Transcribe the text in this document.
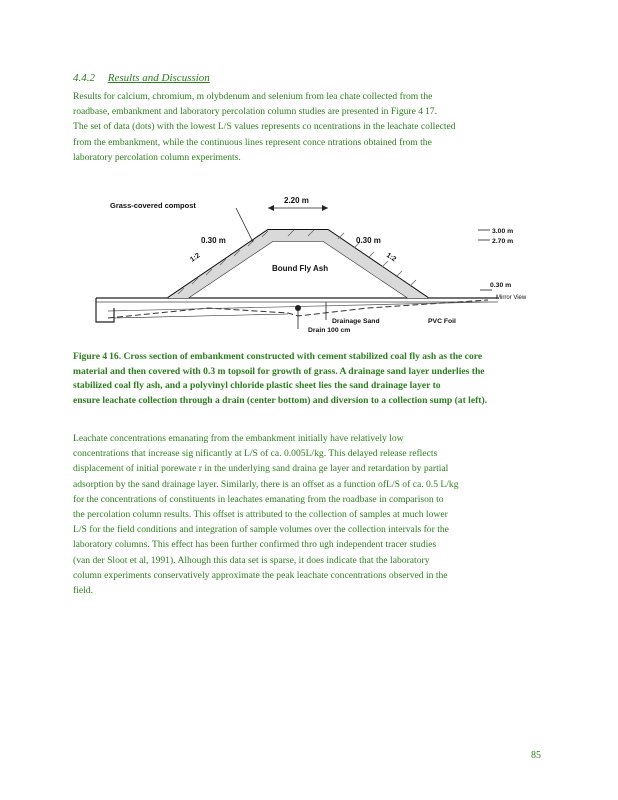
4.4.2 Results and Discussion
Results for calcium, chromium, m olybdenum and selenium from lea chate collected from the
roadbase, embankment and laboratory percolation column studies are presented in Figure 4 17.
The set of data (dots) with the lowest L/S values represents co ncentrations in the leachate collected
from the embankment, while the continuous lines represent conce ntrations obtained from the
laboratory percolation column experiments.
Grass-covered compost
2.20 m
0.30 m	0.30 m
1:2	1:2
Bound Fly Ash
3.00 m
2.70 m
0.30 m
Mirror View
Drainage Sand	PVC Foil
Drain 100 cm
Figure 4 16. Cross section of embankment constructed with cement stabilized coal fly ash as the core
material and then covered with 0.3 m topsoil for growth of grass. A drainage sand layer underlies the
stabilized coal fly ash, and a polyvinyl chloride plastic sheet lies the sand drainage layer to
ensure leachate collection through a drain (center bottom) and diversion to a collection sump (at left).
Leachate concentrations emanating from the embankment initially have relatively low
concentrations that increase sig nificantly at L/S of ca. 0.005L/kg. This delayed release reflects
displacement of initial porewate r in the underlying sand draina ge layer and retardation by partial
adsorption by the sand drainage layer. Similarly, there is an offset as a function ofL/S of ca. 0.5 L/kg
for the concentrations of constituents in leachates emanating from the roadbase in comparison to
the percolation column results. This offset is attributed to the collection of samples at much lower
L/S for the field conditions and integration of sample volumes over the collection intervals for the
laboratory columns. This effect has been further confirmed thro ugh independent tracer studies
(van der Sloot et al, 1991). Alhough this data set is sparse, it does indicate that the laboratory
column experiments conservatively approximate the peak leachate concentrations observed in the
field.
85
